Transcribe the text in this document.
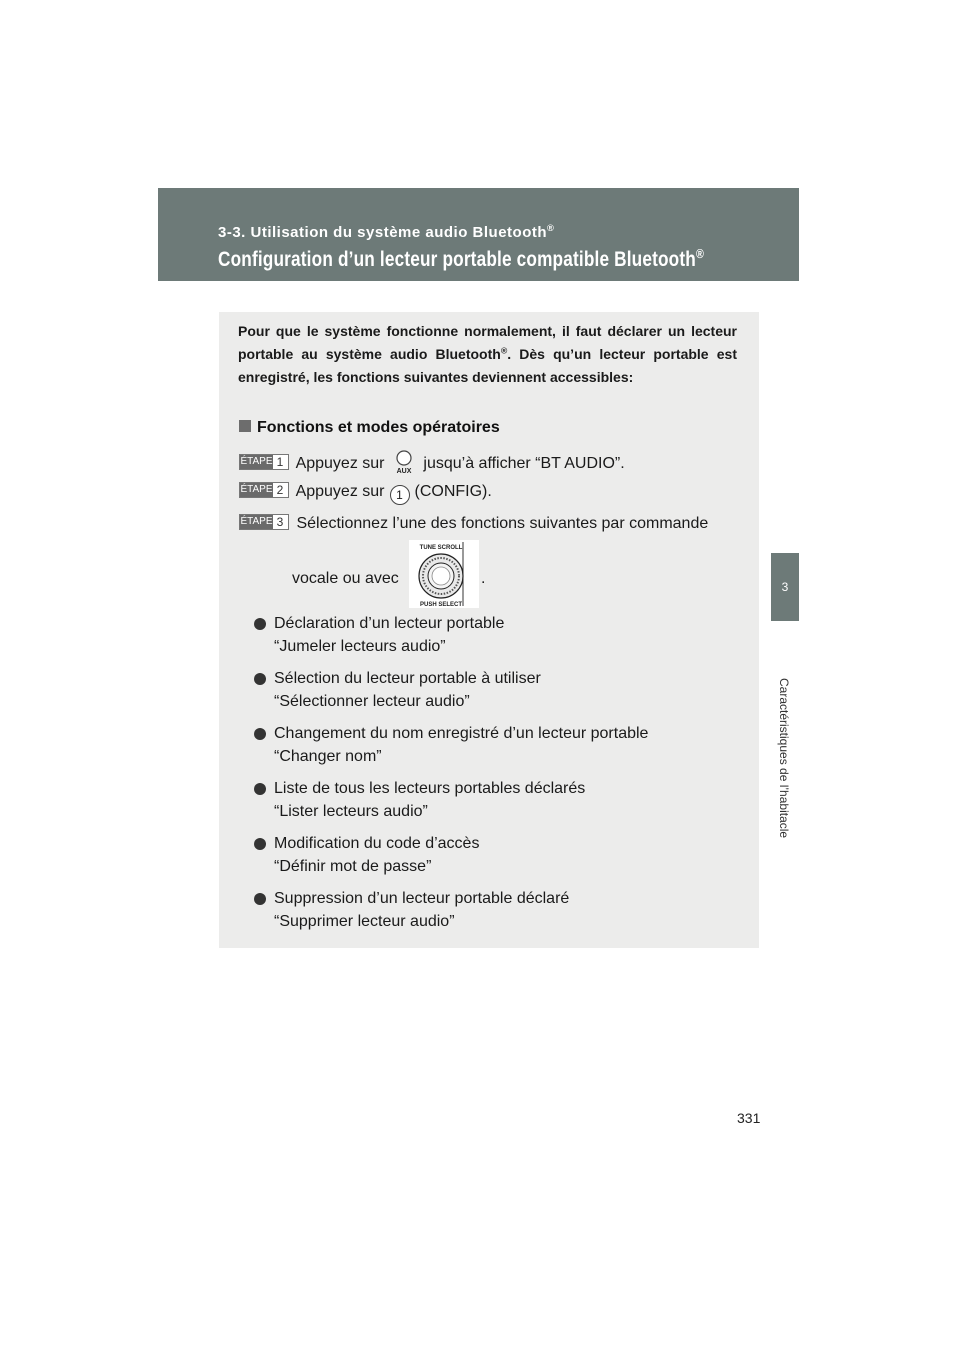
3-3. Utilisation du système audio Bluetooth®
Configuration d’un lecteur portable compatible Bluetooth®
3
Caractéristiques de l’habitacle
Pour que le système fonctionne normalement, il faut déclarer un lecteur portable au système audio Bluetooth®. Dès qu’un lecteur portable est enregistré, les fonctions suivantes deviennent accessibles:
Fonctions et modes opératoires
ÉTAPE 1 Appuyez sur AUX jusqu’à afficher “BT AUDIO”.
ÉTAPE 2 Appuyez sur 1 (CONFIG).
ÉTAPE 3 Sélectionnez l’une des fonctions suivantes par commande
vocale ou avec	.
TUNE SCROLL
PUSH SELECT
Déclaration d’un lecteur portable
“Jumeler lecteurs audio”
Sélection du lecteur portable à utiliser
“Sélectionner lecteur audio”
Changement du nom enregistré d’un lecteur portable
“Changer nom”
Liste de tous les lecteurs portables déclarés
“Lister lecteurs audio”
Modification du code d’accès
“Définir mot de passe”
Suppression d’un lecteur portable déclaré
“Supprimer lecteur audio”
331
